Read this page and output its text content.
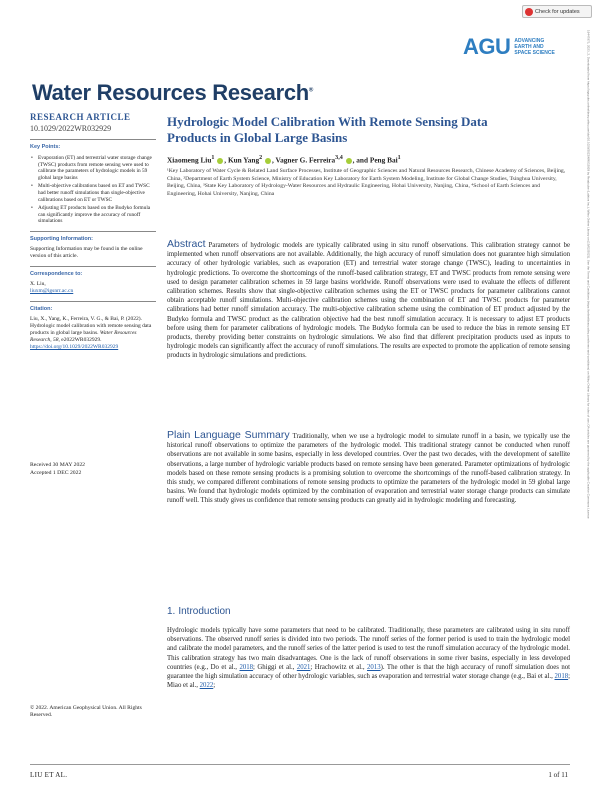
Check for updates
19447973, 2023, 2, Downloaded from https://agupubs.onlinelibrary.wiley.com/doi/10.1029/2022WR032929 by Readcube (Labtiva Inc.), Wiley Online Library on [15/02/2023]. See the Terms and Conditions (https://onlinelibrary.wiley.com/terms-and-conditions) on Wiley Online Library for rules of use; OA articles are governed by the applicable Creative Commons License
AGU ADVANCING
EARTH AND
SPACE SCIENCE
Water Resources Research®
RESEARCH ARTICLE
10.1029/2022WR032929
Key Points:
• Evaporation (ET) and terrestrial water storage change (TWSC) products from remote sensing were used to calibrate the parameters of hydrologic models in 59 global large basins
• Multi-objective calibrations based on ET and TWSC had better runoff simulations than single-objective calibrations based on ET or TWSC
• Adjusting ET products based on the Budyko formula can significantly improve the accuracy of runoff simulations
Supporting Information:
Supporting Information may be found in the online version of this article.
Correspondence to:
X. Liu,
liuxm@igsnrr.ac.cn
Citation:
Liu, X., Yang, K., Ferreira, V. G., & Bai, P. (2022). Hydrologic model calibration with remote sensing data products in global large basins. Water Resources Research, 58, e2022WR032929. https://doi.org/10.1029/2022WR032929
Received 30 MAY 2022
Accepted 1 DEC 2022
© 2022. American Geophysical Union. All Rights Reserved.
Hydrologic Model Calibration With Remote Sensing Data Products in Global Large Basins
Xiaomeng Liu$^1$ , Kun Yang$^2$ , Vagner G. Ferreira$^{3,4}$ , and Peng Bai$^1$
¹Key Laboratory of Water Cycle & Related Land Surface Processes, Institute of Geographic Sciences and Natural Resources Research, Chinese Academy of Sciences, Beijing, China, ²Department of Earth System Science, Ministry of Education Key Laboratory for Earth System Modeling, Institute for Global Change Studies, Tsinghua University, Beijing, China, ³State Key Laboratory of Hydrology-Water Resources and Hydraulic Engineering, Hohai University, Nanjing, China, ⁴School of Earth Sciences and Engineering, Hohai University, Nanjing, China
Abstract Parameters of hydrologic models are typically calibrated using in situ runoff observations. This calibration strategy cannot be implemented when runoff observations are not available. Additionally, the high accuracy of runoff simulation does not guarantee high simulation accuracy of other hydrologic variables, such as evaporation (ET) and terrestrial water storage change (TWSC), leading to uncertainties in hydrologic predictions. To overcome the shortcomings of the runoff-based calibration strategy, ET and TWSC products from remote sensing were used to design parameter calibration schemes in 59 large basins worldwide. Runoff observations were used to evaluate the effects of different calibration schemes. Results show that single-objective calibration schemes using the ET or TWSC products for parameter calibrations cannot obtain acceptable runoff simulations. Multi-objective calibration schemes using the combination of ET and TWSC products for parameter calibrations had better runoff simulation accuracy. The multi-objective calibration scheme using the combination of ET product adjusted by the Budyko formula and TWSC product as the calibration objective had the best runoff simulation accuracy. It is necessary to adjust ET products before using them for parameter calibrations of hydrologic models. The Budyko formula can be used to reduce the bias in remote sensing ET products, thereby providing better constraints on hydrologic simulations. We also find that different precipitation products used as inputs to hydrologic models can significantly affect the accuracy of runoff simulations. The results are expected to promote the application of remote sensing products in hydrologic simulations and predictions.
Plain Language Summary Traditionally, when we use a hydrologic model to simulate runoff in a basin, we typically use the historical runoff observations to optimize the parameters of the hydrologic model. This traditional strategy cannot be conducted when runoff observations are not available in some basins, especially in less developed countries. Over the past two decades, with the development of satellite observations, a large number of hydrologic variable products based on remote sensing have been generated. Parameter optimizations of hydrologic models based on these remote sensing products is a promising solution to overcome the shortcomings of the runoff-based calibration strategy. In this study, we compared different combinations of remote sensing products to optimize the parameters of the hydrologic model in 59 global large basins. We found that hydrologic models optimized by the combination of evaporation and terrestrial water storage change products can simulate runoff well. This study gives us confidence that remote sensing products can greatly aid in hydrologic modeling and forecasting.
1. Introduction
Hydrologic models typically have some parameters that need to be calibrated. Traditionally, these parameters are calibrated using in situ runoff observations. The observed runoff series is divided into two periods. The runoff series of the former period is used to train the hydrologic model and calibrate the model parameters, and the runoff series of the latter period is used to test the runoff simulation accuracy of the hydrologic model. This calibration strategy has two main disadvantages. One is the lack of runoff observations in some river basins, especially in less developed countries (e.g., Do et al., 2018; Ghiggi et al., 2021; Hrachowitz et al., 2013). The other is that the high accuracy of runoff simulation does not guarantee the high simulation accuracy of other hydrologic variables, such as evaporation and terrestrial water storage change (e.g., Bai et al., 2018; Miao et al., 2022;
LIU ET AL.	1 of 11
